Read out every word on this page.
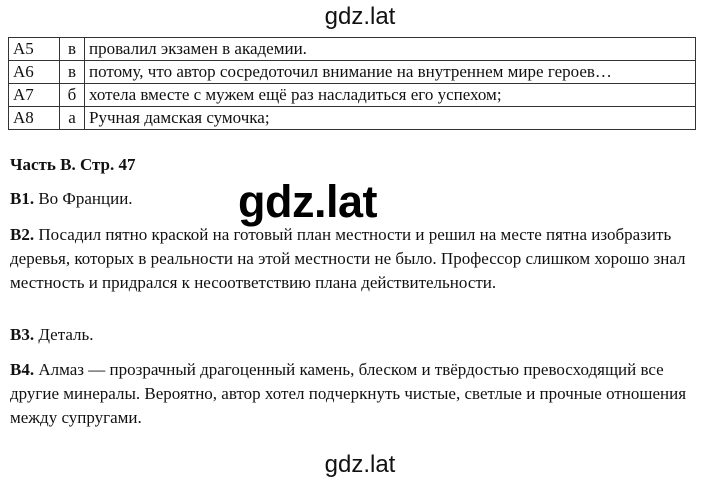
gdz.lat
A5	в	провалил экзамен в академии.
A6	в	потому, что автор сосредоточил внимание на внутреннем мире героев…
A7	б	хотела вместе с мужем ещё раз насладиться его успехом;
A8	а	Ручная дамская сумочка;
Часть В. Стр. 47
В1. Во Франции.
В2. Посадил пятно краской на готовый план местности и решил на месте пятна изобразить деревья, которых в реальности на этой местности не было. Профессор слишком хорошо знал местность и придрался к несоответствию плана действительности.
В3. Деталь.
В4. Алмаз — прозрачный драгоценный камень, блеском и твёрдостью превосходящий все другие минералы. Вероятно, автор хотел подчеркнуть чистые, светлые и прочные отношения между супругами.
gdz.lat
gdz.lat
